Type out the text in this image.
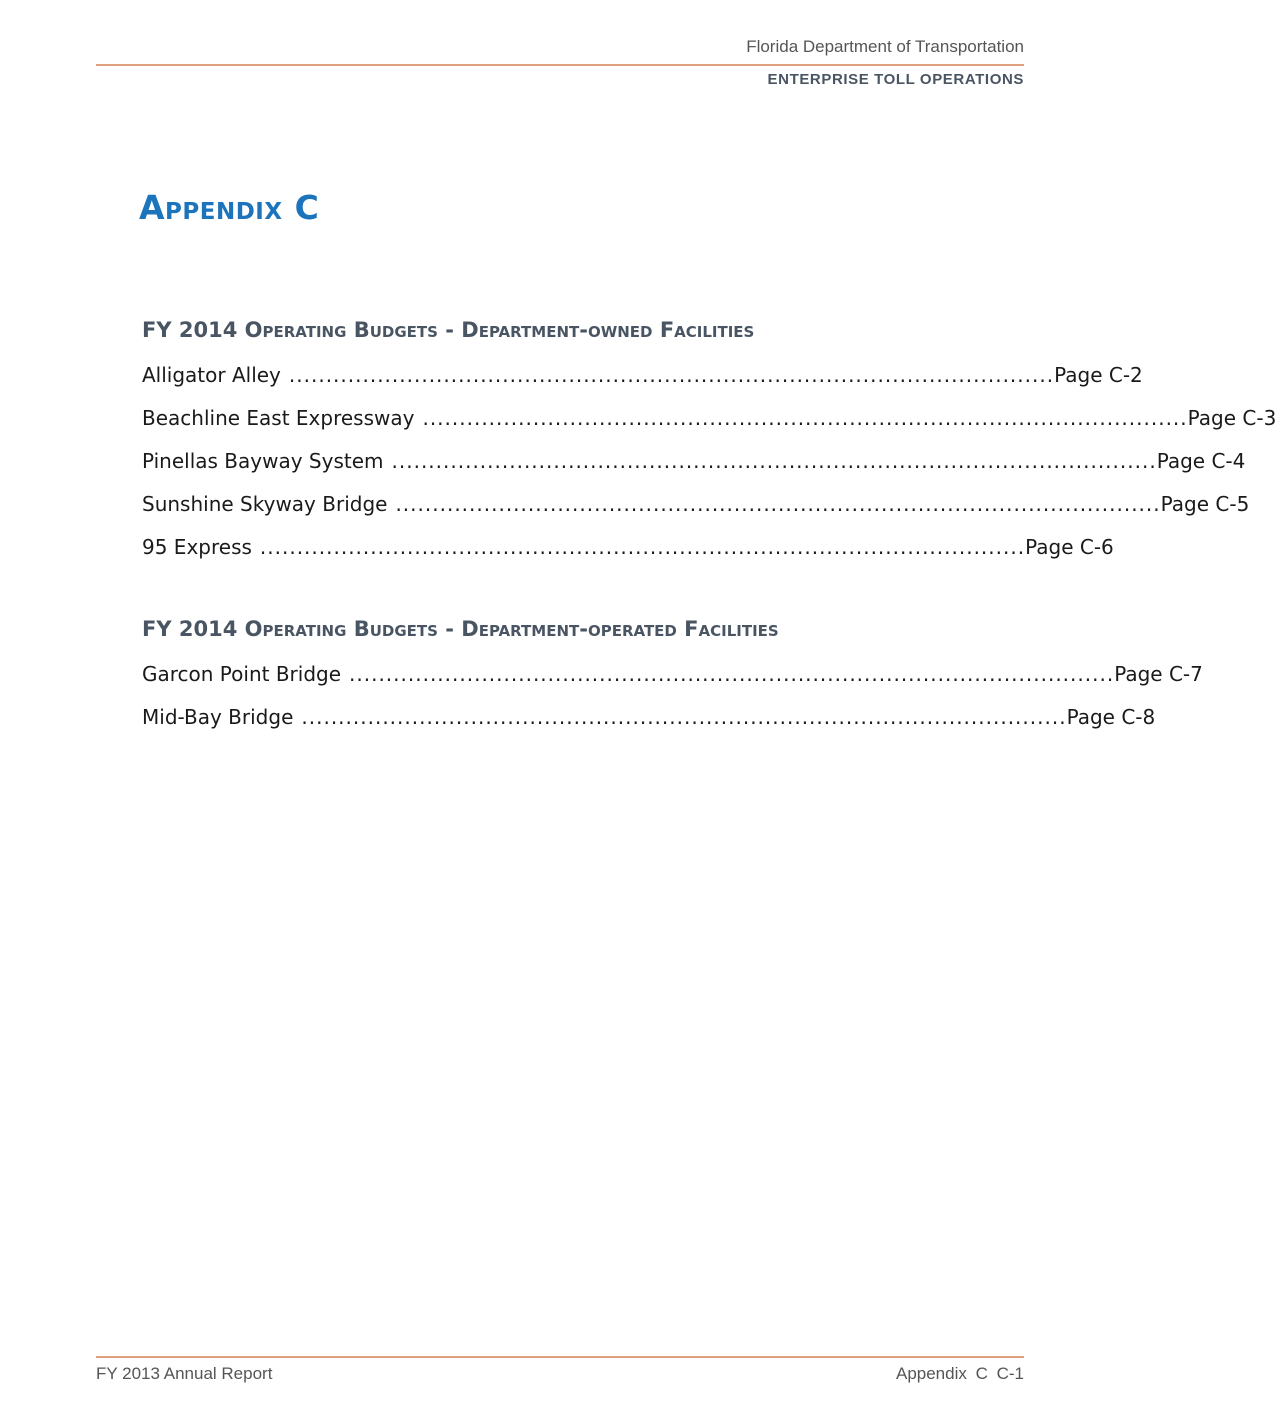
Florida Department of Transportation
ENTERPRISE TOLL OPERATIONS
Appendix C
FY 2014 Operating Budgets - Department-owned Facilities
Alligator Alley ........................................................................................................ Page C-2
Beachline East Expressway ........................................................................................................ Page C-3
Pinellas Bayway System ........................................................................................................ Page C-4
Sunshine Skyway Bridge ........................................................................................................ Page C-5
95 Express ........................................................................................................ Page C-6
FY 2014 Operating Budgets - Department-operated Facilities
Garcon Point Bridge ........................................................................................................ Page C-7
Mid-Bay Bridge ........................................................................................................ Page C-8
FY 2013 Annual Report	Appendix C C-1
